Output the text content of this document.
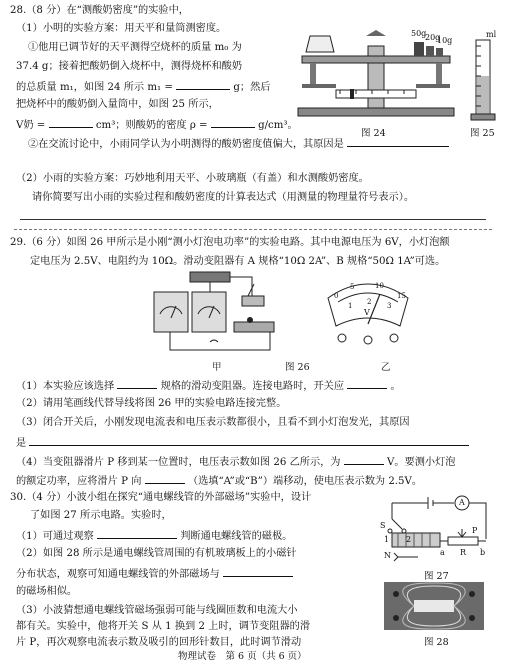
28.（8 分）在“测酸奶密度”的实验中，
（1）小明的实验方案：用天平和量筒测密度。
①他用已调节好的天平测得空烧杯的质量 m₀ 为
37.4 g；接着把酸奶倒入烧杯中，测得烧杯和酸奶
的总质量 m₁，如图 24 所示 m₁ =	g；然后
把烧杯中的酸奶倒入量筒中，如图 25 所示，
V奶 =	cm³；则酸奶的密度 ρ =	g/cm³。
②在交流讨论中，小雨同学认为小明测得的酸奶密度值偏大，其原因是
（2）小雨的实验方案：巧妙地利用天平、小玻璃瓶（有盖）和水测酸奶密度。
请你简要写出小雨的实验过程和酸奶密度的计算表达式（用测量的物理量符号表示）。
50g
20g
10g
图 24
ml
图 25
29.（6 分）如图 26 甲所示是小刚“测小灯泡电功率”的实验电路。其中电源电压为 6V，小灯泡额
定电压为 2.5V、电阻约为 10Ω。滑动变阻器有 A 规格“10Ω 2A”、B 规格“50Ω 1A”可选。
甲	图 26
0
5	10
15
1 2 3
V
乙
（1）本实验应该选择	规格的滑动变阻器。连接电路时，开关应	。
（2）请用笔画线代替导线将图 26 甲的实验电路连接完整。
（3）闭合开关后，小刚发现电流表和电压表示数都很小，且看不到小灯泡发光，其原因
是
（4）当变阻器滑片 P 移到某一位置时，电压表示数如图 26 乙所示，为	V。要测小灯泡
的额定功率，应将滑片 P 向	（选填“A”或“B”）端移动，使电压表示数为 2.5V。
30.（4 分）小波小组在探究“通电螺线管的外部磁场”实验中，设计
了如图 27 所示电路。实验时，
（1）可通过观察	判断通电螺线管的磁极。
（2）如图 28 所示是通电螺线管周围的有机玻璃板上的小磁针
分布状态，观察可知通电螺线管的外部磁场与
的磁场相似。
（3）小波猜想通电螺线管磁场强弱可能与线圈匝数和电流大小
都有关。实验中，他将开关 S 从 1 换到 2 上时，调节变阻器的滑
片 P，再次观察电流表示数及吸引的回形针数目，此时调节滑动
S
1 2
N
P
a R b
A
图 27
图 28
物理试卷　第 6 页（共 6 页）
